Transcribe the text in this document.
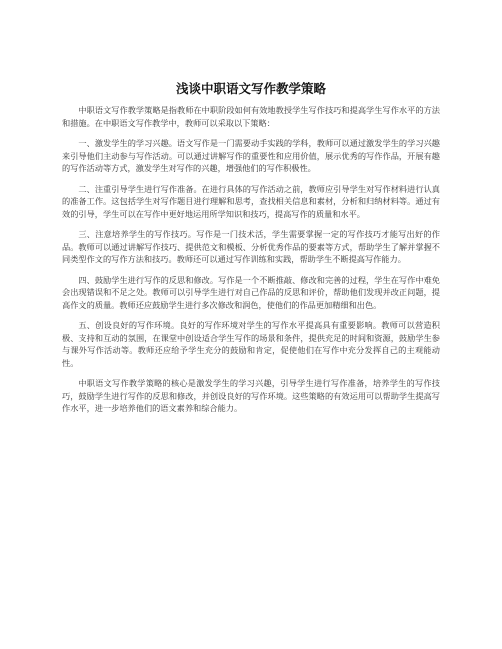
浅谈中职语文写作教学策略

中职语文写作教学策略是指教师在中职阶段如何有效地教授学生写作技巧和提高学生写作水平的方法和措施。在中职语文写作教学中，教师可以采取以下策略：

一、激发学生的学习兴趣。语文写作是一门需要动手实践的学科，教师可以通过激发学生的学习兴趣来引导他们主动参与写作活动。可以通过讲解写作的重要性和应用价值，展示优秀的写作作品，开展有趣的写作活动等方式，激发学生对写作的兴趣，增强他们的写作积极性。

二、注重引导学生进行写作准备。在进行具体的写作活动之前，教师应引导学生对写作材料进行认真的准备工作。这包括学生对写作题目进行理解和思考，查找相关信息和素材，分析和归纳材料等。通过有效的引导，学生可以在写作中更好地运用所学知识和技巧，提高写作的质量和水平。

三、注意培养学生的写作技巧。写作是一门技术活，学生需要掌握一定的写作技巧才能写出好的作品。教师可以通过讲解写作技巧、提供范文和模板、分析优秀作品的要素等方式，帮助学生了解并掌握不同类型作文的写作方法和技巧。教师还可以通过写作训练和实践，帮助学生不断提高写作能力。

四、鼓励学生进行写作的反思和修改。写作是一个不断推敲、修改和完善的过程，学生在写作中难免会出现错误和不足之处。教师可以引导学生进行对自己作品的反思和评价，帮助他们发现并改正问题，提高作文的质量。教师还应鼓励学生进行多次修改和润色，使他们的作品更加精细和出色。

五、创设良好的写作环境。良好的写作环境对学生的写作水平提高具有重要影响。教师可以营造积极、支持和互动的氛围，在课堂中创设适合学生写作的场景和条件，提供充足的时间和资源，鼓励学生参与课外写作活动等。教师还应给予学生充分的鼓励和肯定，促使他们在写作中充分发挥自己的主观能动性。

中职语文写作教学策略的核心是激发学生的学习兴趣，引导学生进行写作准备，培养学生的写作技巧，鼓励学生进行写作的反思和修改，并创设良好的写作环境。这些策略的有效运用可以帮助学生提高写作水平，进一步培养他们的语文素养和综合能力。
